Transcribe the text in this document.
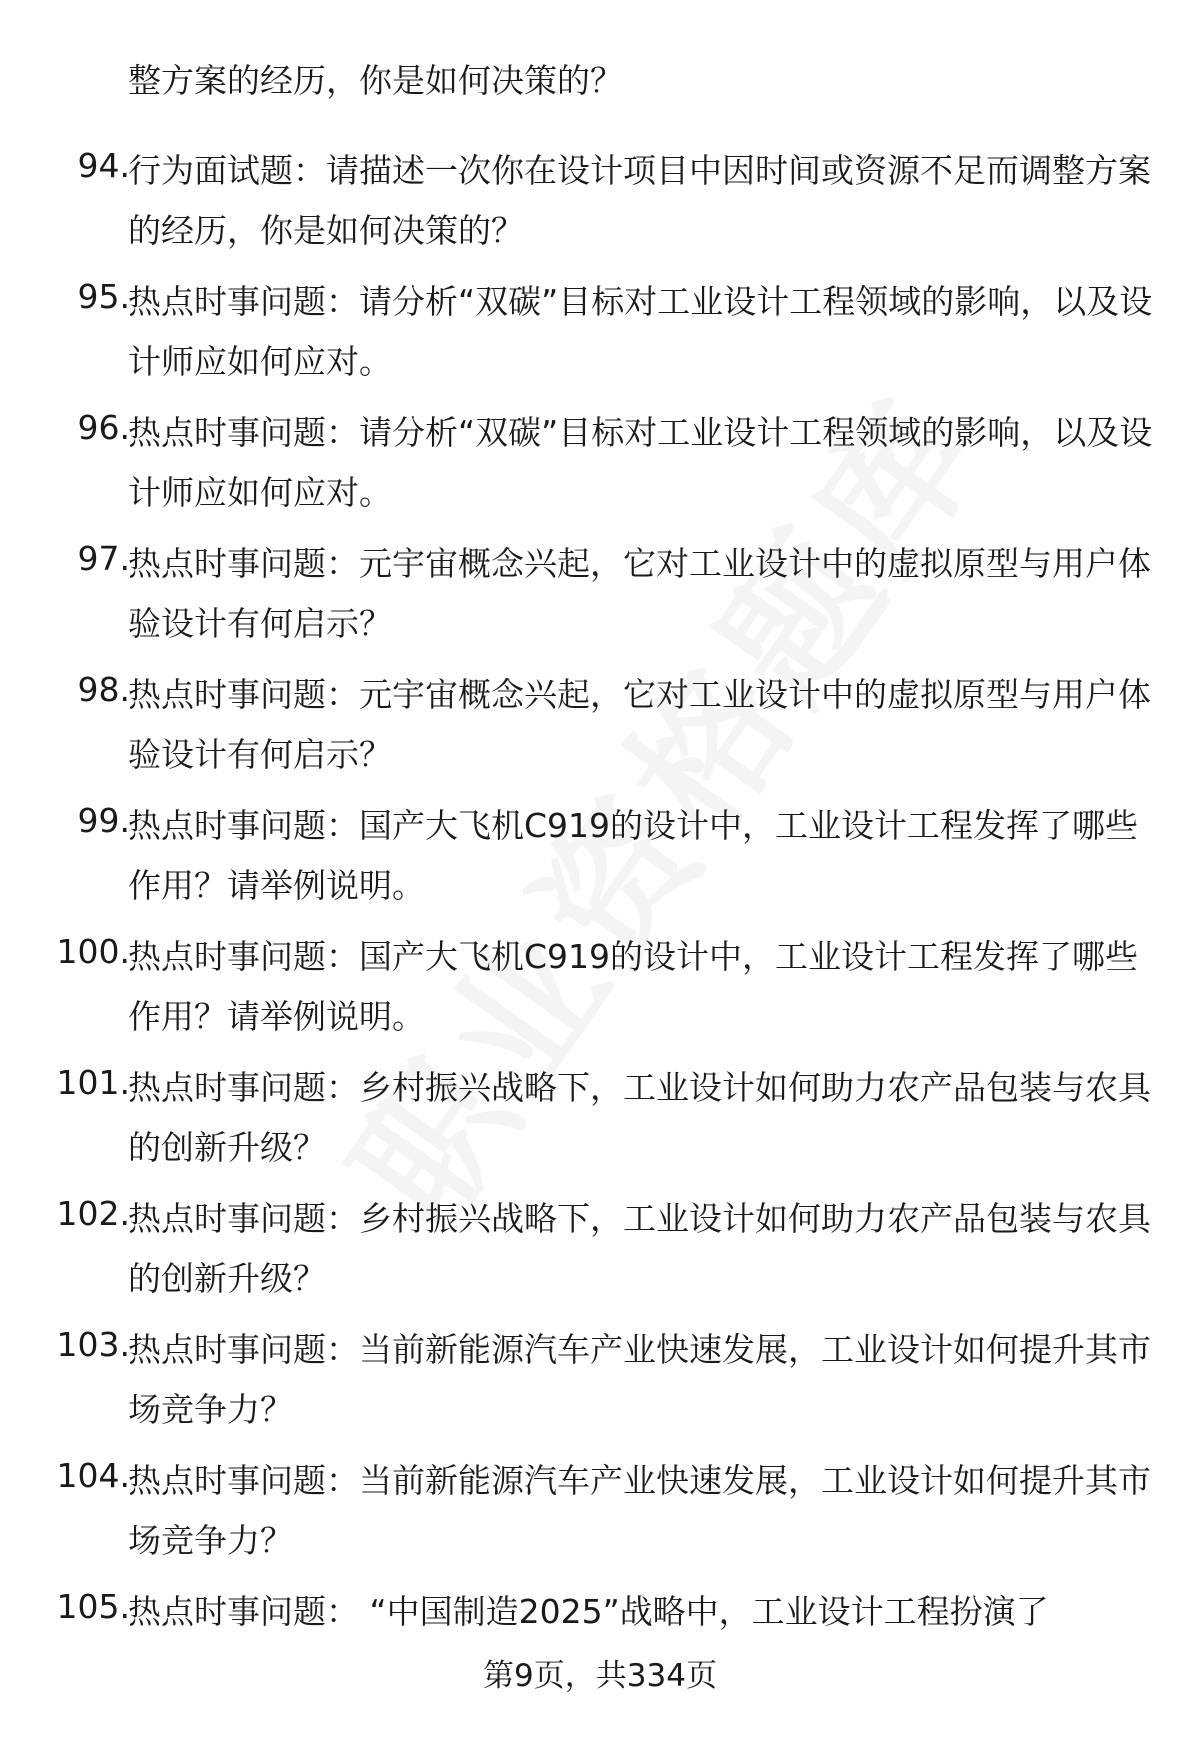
整方案的经历，你是如何决策的？

94.

行为面试题：请描述一次你在设计项目中因时间或资源不足而调整方案的经历，你是如何决策的？

95.

热点时事问题：请分析“双碳”目标对工业设计工程领域的影响，以及设计师应如何应对。

96.

热点时事问题：请分析“双碳”目标对工业设计工程领域的影响，以及设计师应如何应对。

97.

热点时事问题：元宇宙概念兴起，它对工业设计中的虚拟原型与用户体验设计有何启示？

98.

热点时事问题：元宇宙概念兴起，它对工业设计中的虚拟原型与用户体验设计有何启示？

99.

热点时事问题：国产大飞机C919的设计中，工业设计工程发挥了哪些作用？请举例说明。

100.

热点时事问题：国产大飞机C919的设计中，工业设计工程发挥了哪些作用？请举例说明。

101.

热点时事问题：乡村振兴战略下，工业设计如何助力农产品包装与农具的创新升级？

102.

热点时事问题：乡村振兴战略下，工业设计如何助力农产品包装与农具的创新升级？

103.

热点时事问题：当前新能源汽车产业快速发展，工业设计如何提升其市场竞争力？

104.

热点时事问题：当前新能源汽车产业快速发展，工业设计如何提升其市场竞争力？

105.

热点时事问题： “中国制造2025”战略中，工业设计工程扮演了

第9页，共334页
